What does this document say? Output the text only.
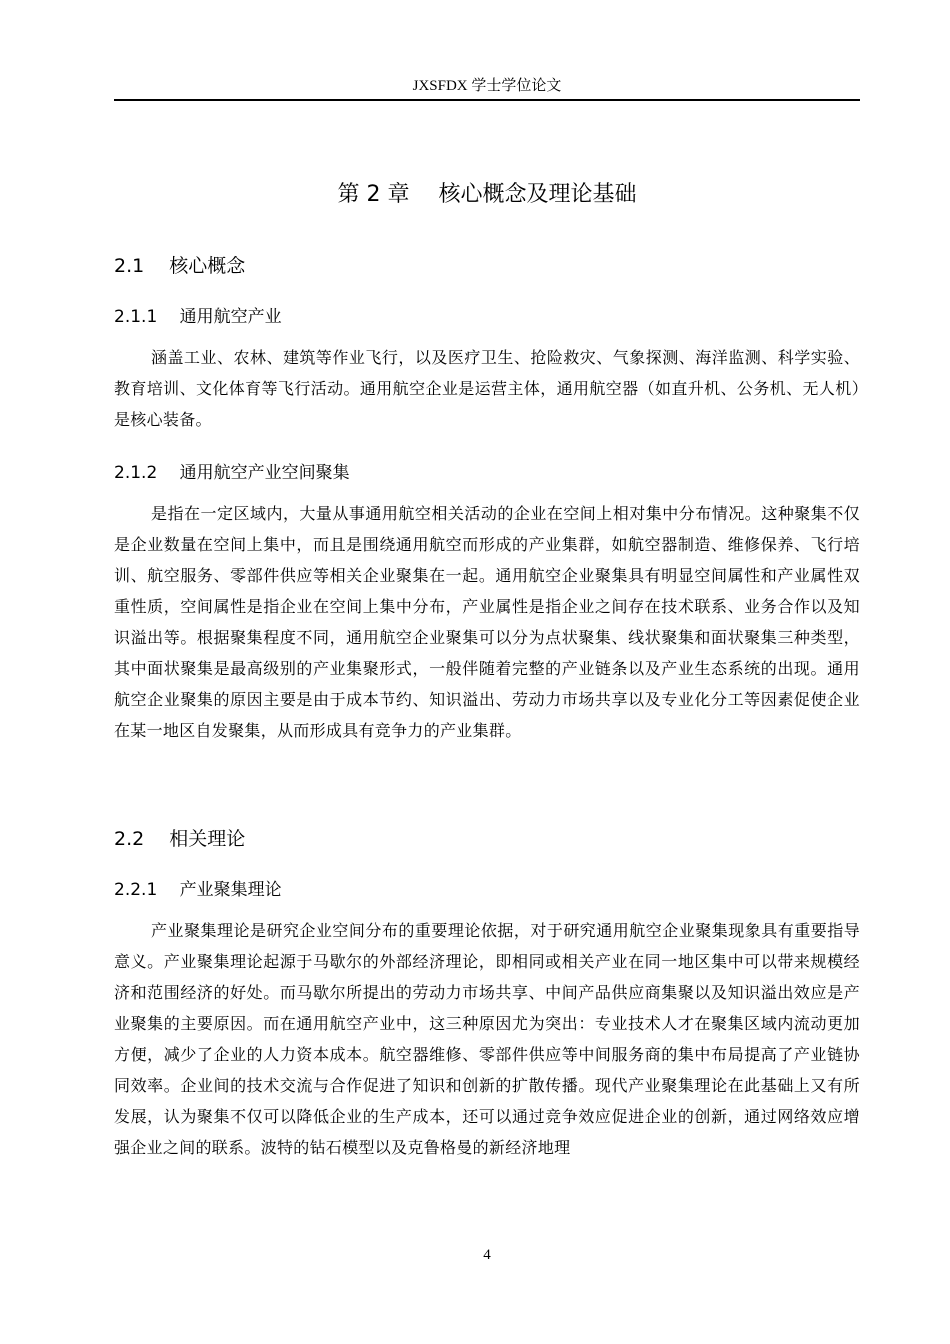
JXSFDX 学士学位论文
第 2 章　 核心概念及理论基础
2.1　 核心概念
2.1.1　 通用航空产业

涵盖工业、农林、建筑等作业飞行，以及医疗卫生、抢险救灾、气象探测、海洋监测、科学实验、教育培训、文化体育等飞行活动。通用航空企业是运营主体，通用航空器（如直升机、公务机、无人机）是核心装备。

2.1.2　 通用航空产业空间聚集

是指在一定区域内，大量从事通用航空相关活动的企业在空间上相对集中分布情况。这种聚集不仅是企业数量在空间上集中，而且是围绕通用航空而形成的产业集群，如航空器制造、维修保养、飞行培训、航空服务、零部件供应等相关企业聚集在一起。通用航空企业聚集具有明显空间属性和产业属性双重性质，空间属性是指企业在空间上集中分布，产业属性是指企业之间存在技术联系、业务合作以及知识溢出等。根据聚集程度不同，通用航空企业聚集可以分为点状聚集、线状聚集和面状聚集三种类型，其中面状聚集是最高级别的产业集聚形式，一般伴随着完整的产业链条以及产业生态系统的出现。通用航空企业聚集的原因主要是由于成本节约、知识溢出、劳动力市场共享以及专业化分工等因素促使企业在某一地区自发聚集，从而形成具有竞争力的产业集群。

2.2　 相关理论
2.2.1　 产业聚集理论

产业聚集理论是研究企业空间分布的重要理论依据，对于研究通用航空企业聚集现象具有重要指导意义。产业聚集理论起源于马歇尔的外部经济理论，即相同或相关产业在同一地区集中可以带来规模经济和范围经济的好处。而马歇尔所提出的劳动力市场共享、中间产品供应商集聚以及知识溢出效应是产业聚集的主要原因。而在通用航空产业中，这三种原因尤为突出：专业技术人才在聚集区域内流动更加方便，减少了企业的人力资本成本。航空器维修、零部件供应等中间服务商的集中布局提高了产业链协同效率。企业间的技术交流与合作促进了知识和创新的扩散传播。现代产业聚集理论在此基础上又有所发展，认为聚集不仅可以降低企业的生产成本，还可以通过竞争效应促进企业的创新，通过网络效应增强企业之间的联系。波特的钻石模型以及克鲁格曼的新经济地理

4
